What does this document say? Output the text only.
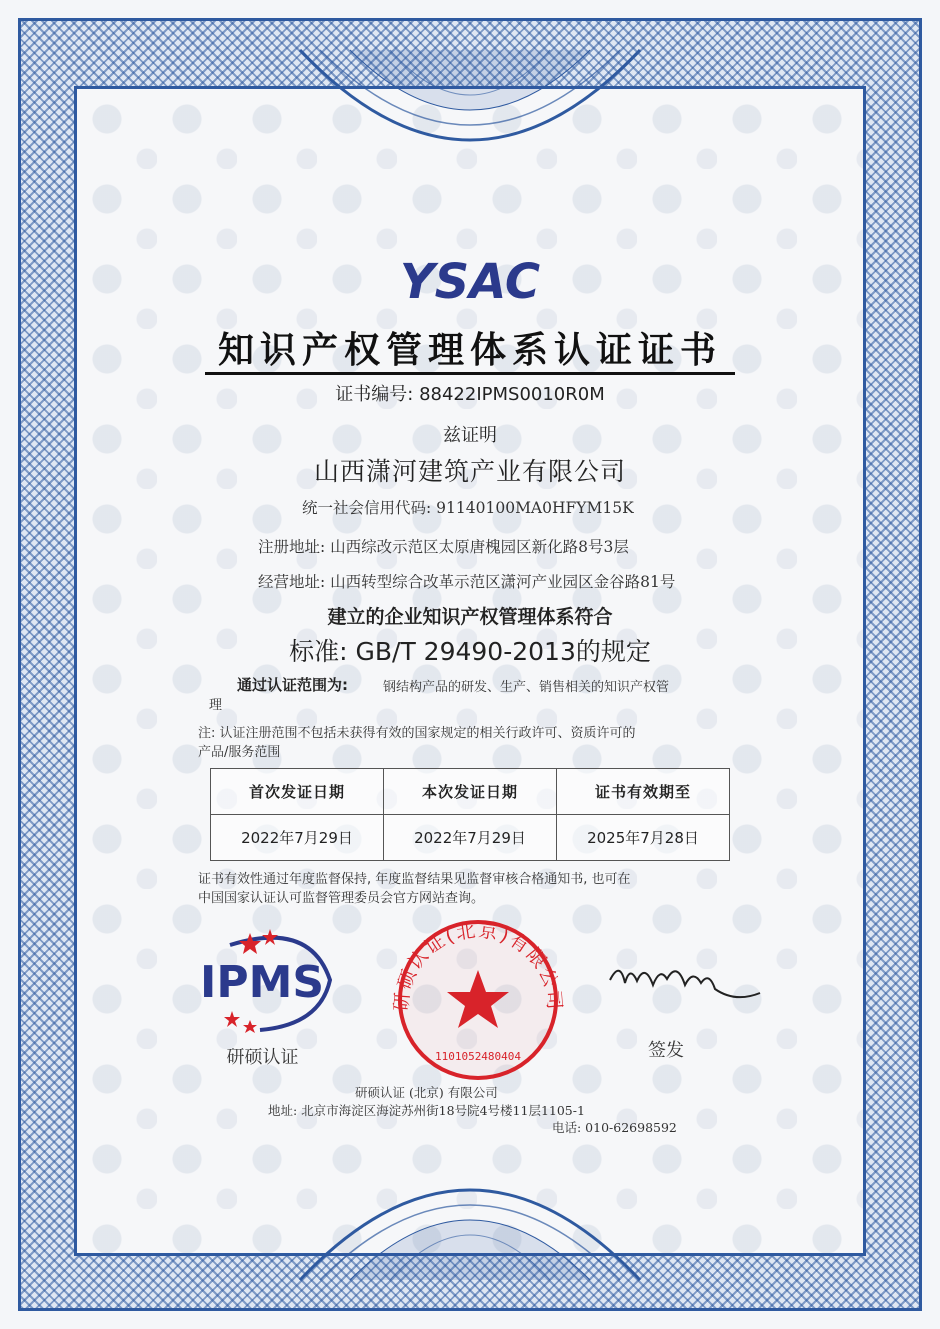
YSAC
知识产权管理体系认证证书
证书编号: 88422IPMS0010R0M
兹证明
山西潇河建筑产业有限公司
统一社会信用代码: 91140100MA0HFYM15K
注册地址: 山西综改示范区太原唐槐园区新化路8号3层
经营地址: 山西转型综合改革示范区潇河产业园区金谷路81号
建立的企业知识产权管理体系符合
标准: GB/T 29490-2013的规定
通过认证范围为:	钢结构产品的研发、生产、销售相关的知识产权管
理
注: 认证注册范围不包括未获得有效的国家规定的相关行政许可、资质许可的
产品/服务范围
首次发证日期	本次发证日期	证书有效期至
2022年7月29日	2022年7月29日	2025年7月28日
证书有效性通过年度监督保持, 年度监督结果见监督审核合格通知书, 也可在
中国国家认证认可监督管理委员会官方网站查询。
IPMS
研硕认证
研硕认证(北京)有限公司
1101052480404	签发
研硕认证 (北京) 有限公司
地址: 北京市海淀区海淀苏州街18号院4号楼11层1105-1
电话: 010-62698592
